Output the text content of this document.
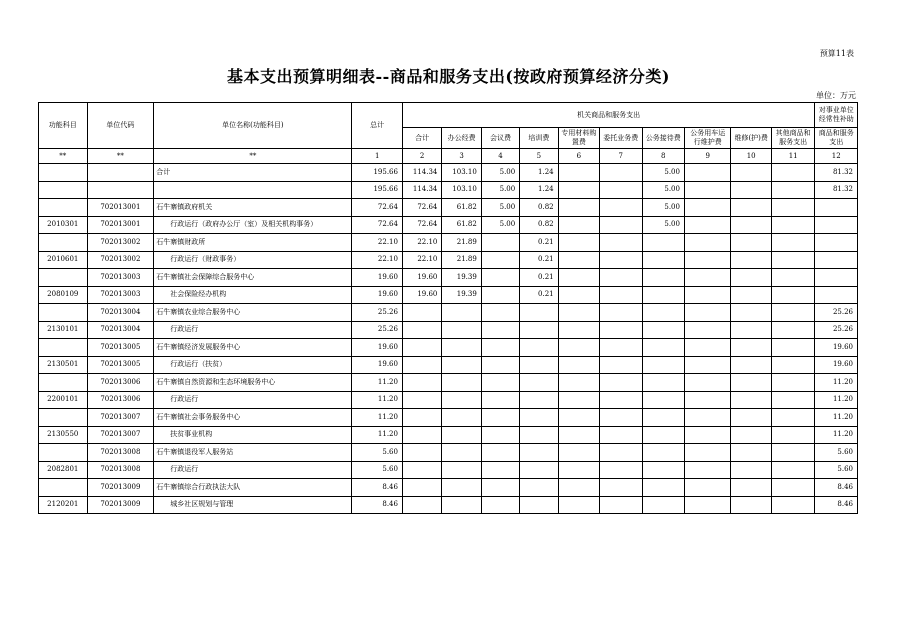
预算11表
基本支出预算明细表--商品和服务支出(按政府预算经济分类)
单位：万元
功能科目	单位代码	单位名称(功能科目)	总计	机关商品和服务支出										对事业单位经常性补助
				合计	办公经费	会议费	培训费	专用材料购置费	委托业务费	公务接待费	公务用车运行维护费	维修(护)费	其他商品和服务支出	商品和服务支出
**	**	**	1	2	3	4	5	6	7	8	9	10	11	12
		合计	195.66	114.34	103.10	5.00	1.24			5.00				81.32
			195.66	114.34	103.10	5.00	1.24			5.00				81.32
	702013001	石牛寨镇政府机关	72.64	72.64	61.82	5.00	0.82			5.00				
2010301	702013001	行政运行（政府办公厅（室）及相关机构事务）	72.64	72.64	61.82	5.00	0.82			5.00				
	702013002	石牛寨镇财政所	22.10	22.10	21.89		0.21							
2010601	702013002	行政运行（财政事务）	22.10	22.10	21.89		0.21							
	702013003	石牛寨镇社会保障综合服务中心	19.60	19.60	19.39		0.21							
2080109	702013003	社会保险经办机构	19.60	19.60	19.39		0.21							
	702013004	石牛寨镇农业综合服务中心	25.26											25.26
2130101	702013004	行政运行	25.26											25.26
	702013005	石牛寨镇经济发展服务中心	19.60											19.60
2130501	702013005	行政运行（扶贫）	19.60											19.60
	702013006	石牛寨镇自然资源和生态环境服务中心	11.20											11.20
2200101	702013006	行政运行	11.20											11.20
	702013007	石牛寨镇社会事务服务中心	11.20											11.20
2130550	702013007	扶贫事业机构	11.20											11.20
	702013008	石牛寨镇退役军人服务站	5.60											5.60
2082801	702013008	行政运行	5.60											5.60
	702013009	石牛寨镇综合行政执法大队	8.46											8.46
2120201	702013009	城乡社区规划与管理	8.46											8.46
